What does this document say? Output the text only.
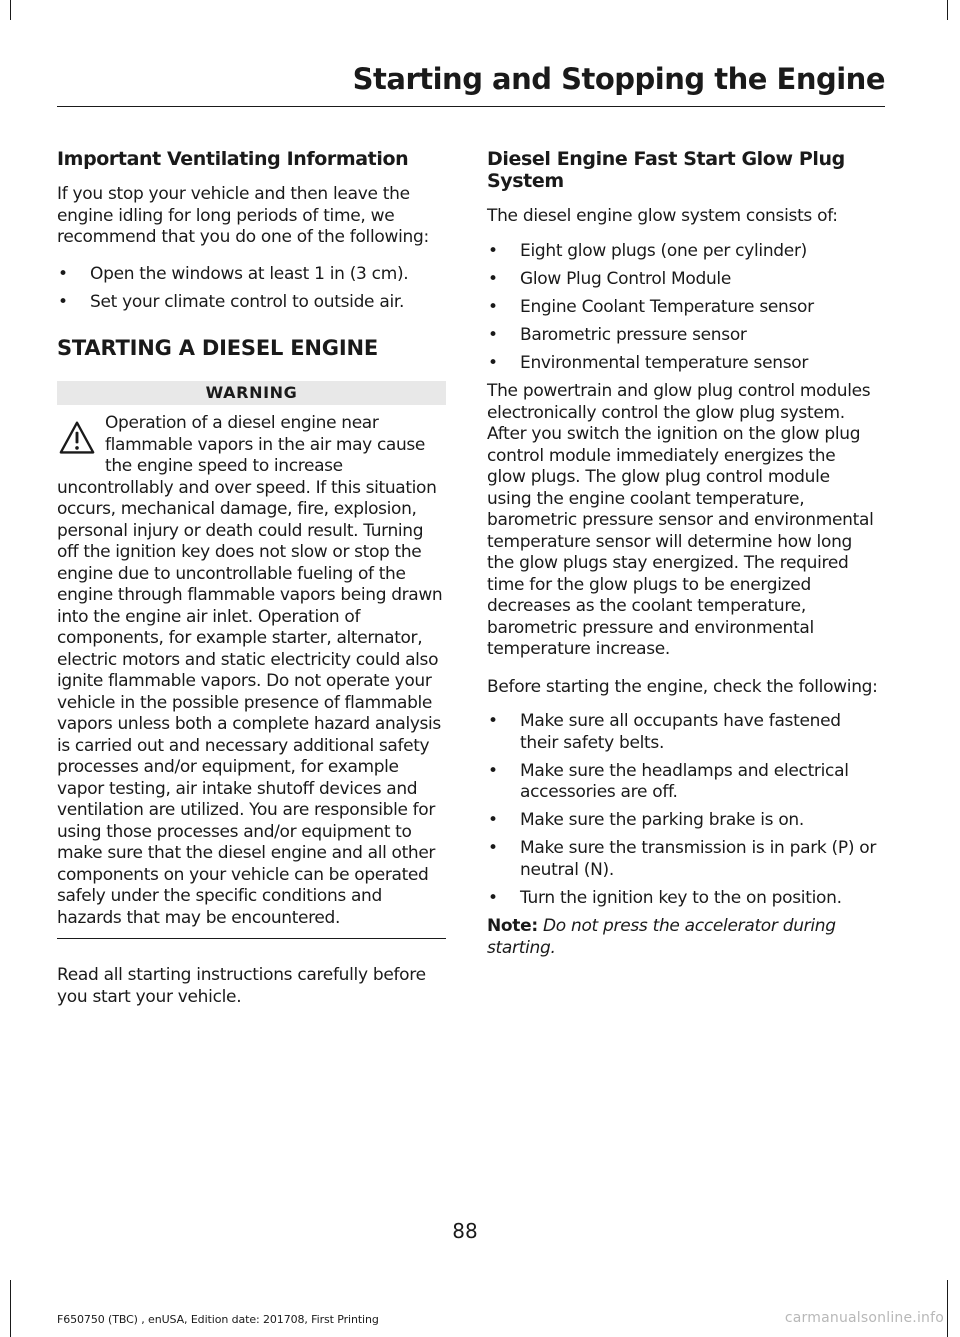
Starting and Stopping the Engine
Important Ventilating Information

If you stop your vehicle and then leave the engine idling for long periods of time, we recommend that you do one of the following:

• Open the windows at least 1 in (3 cm).
• Set your climate control to outside air.
STARTING A DIESEL ENGINE
WARNING
Operation of a diesel engine near flammable vapors in the air may cause the engine speed to increase uncontrollably and over speed. If this situation occurs, mechanical damage, fire, explosion, personal injury or death could result. Turning off the ignition key does not slow or stop the engine due to uncontrollable fueling of the engine through flammable vapors being drawn into the engine air inlet. Operation of components, for example starter, alternator, electric motors and static electricity could also ignite flammable vapors. Do not operate your vehicle in the possible presence of flammable vapors unless both a complete hazard analysis is carried out and necessary additional safety processes and/or equipment, for example vapor testing, air intake shutoff devices and ventilation are utilized. You are responsible for using those processes and/or equipment to make sure that the diesel engine and all other components on your vehicle can be operated safely under the specific conditions and hazards that may be encountered.

Read all starting instructions carefully before you start your vehicle.

Diesel Engine Fast Start Glow Plug System

The diesel engine glow system consists of:

• Eight glow plugs (one per cylinder)
• Glow Plug Control Module
• Engine Coolant Temperature sensor
• Barometric pressure sensor
• Environmental temperature sensor

The powertrain and glow plug control modules electronically control the glow plug system. After you switch the ignition on the glow plug control module immediately energizes the glow plugs. The glow plug control module using the engine coolant temperature, barometric pressure sensor and environmental temperature sensor will determine how long the glow plugs stay energized. The required time for the glow plugs to be energized decreases as the coolant temperature, barometric pressure and environmental temperature increase.

Before starting the engine, check the following:

• Make sure all occupants have fastened their safety belts.
• Make sure the headlamps and electrical accessories are off.
• Make sure the parking brake is on.
• Make sure the transmission is in park (P) or neutral (N).
• Turn the ignition key to the on position.

Note: Do not press the accelerator during starting.

88
F650750 (TBC) , enUSA, Edition date: 201708, First Printing	carmanualsonline.info
